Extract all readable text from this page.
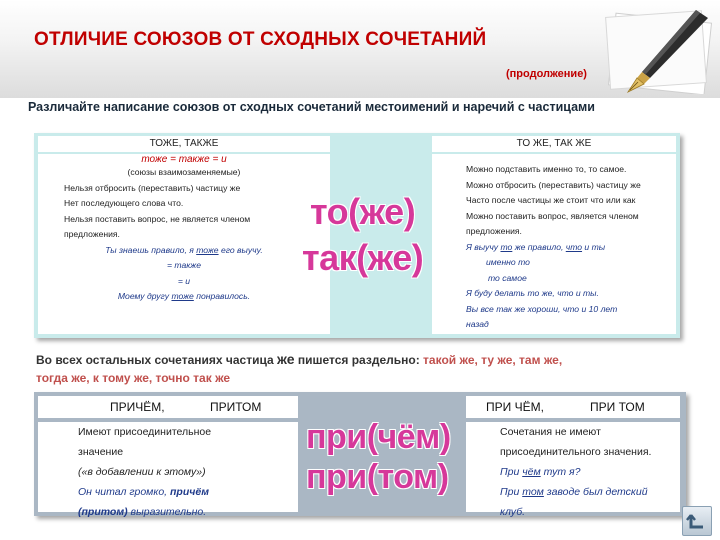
ОТЛИЧИЕ СОЮЗОВ ОТ СХОДНЫХ СОЧЕТАНИЙ
(продолжение)
Различайте написание союзов от сходных сочетаний местоимений и наречий с частицами
ТОЖЕ, ТАКЖЕ
тоже = также = и
(союзы взаимозаменяемые)
Нельзя отбросить (переставить) частицу же
Нет последующего слова что.
Нельзя поставить вопрос, не является членом
предложения.
Ты знаешь правило, я тоже его выучу.
= также
= и
Моему другу тоже понравилось.
ТО ЖЕ, ТАК ЖЕ
Можно подставить именно то, то самое.
Можно отбросить (переставить) частицу же
Часто после частицы же стоит что или как
Можно поставить вопрос, является членом
предложения.
Я выучу то же правило, что и ты
именно то
то самое
Я буду делать то же, что и ты.
Вы все так же хороши, что и 10 лет
назад
то(же)
так(же)
Во всех остальных сочетаниях частица же пишется раздельно: такой же, ту же, там же,
тогда же, к тому же, точно так же
ПРИЧЁМ,	ПРИТОМ
Имеют присоединительное
значение
(«в добавлении к этому»)
Он читал громко, причём
(притом) выразительно.
ПРИ ЧЁМ,	ПРИ ТОМ
Сочетания не имеют
присоединительного значения.
При чём тут я?
При том заводе был детский
клуб.
при(чём)
при(том)
